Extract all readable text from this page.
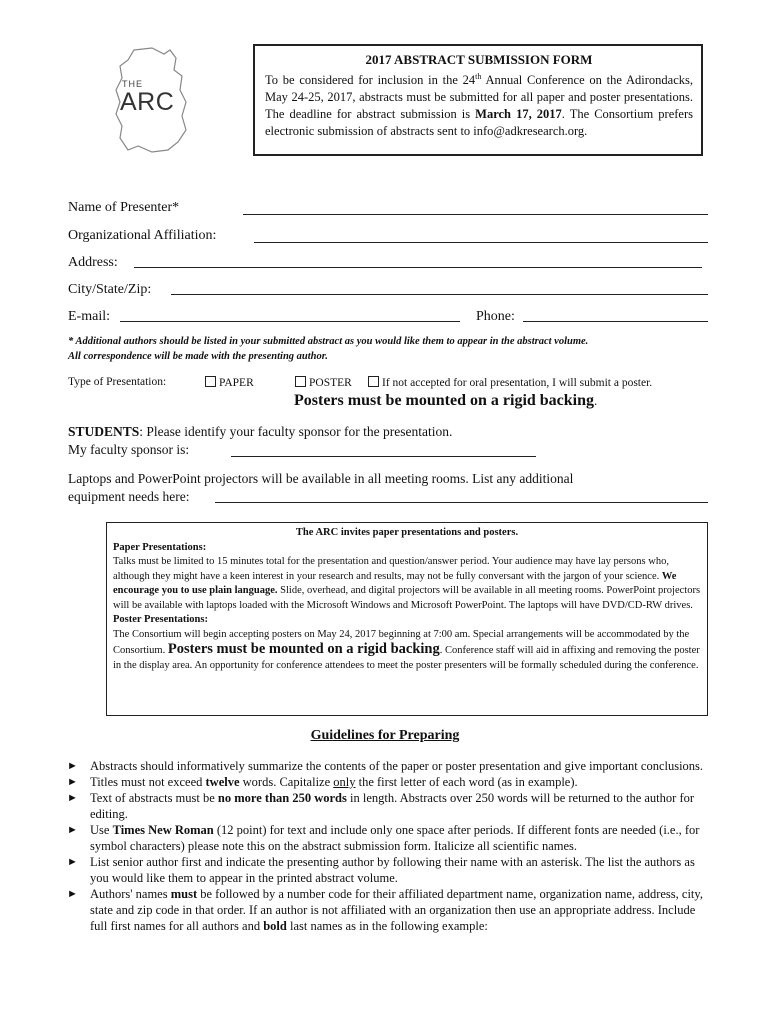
THE
ARC
2017 ABSTRACT SUBMISSION FORM
To be considered for inclusion in the 24th Annual Conference on the Adirondacks, May 24-25, 2017, abstracts must be submitted for all paper and poster presentations. The deadline for abstract submission is March 17, 2017. The Consortium prefers electronic submission of abstracts sent to info@adkresearch.org.
Name of Presenter*
Organizational Affiliation:
Address:
City/State/Zip:
E-mail:	Phone:
* Additional authors should be listed in your submitted abstract as you would like them to appear in the abstract volume.
All correspondence will be made with the presenting author.
Type of Presentation:	PAPER	POSTER	If not accepted for oral presentation, I will submit a poster.
Posters must be mounted on a rigid backing.
STUDENTS: Please identify your faculty sponsor for the presentation.
My faculty sponsor is:
Laptops and PowerPoint projectors will be available in all meeting rooms. List any additional
equipment needs here:
The ARC invites paper presentations and posters.
Paper Presentations:
Talks must be limited to 15 minutes total for the presentation and question/answer period. Your audience may have lay persons who, although they might have a keen interest in your research and results, may not be fully conversant with the jargon of your science. We encourage you to use plain language. Slide, overhead, and digital projectors will be available in all meeting rooms. PowerPoint projectors will be available with laptops loaded with the Microsoft Windows and Microsoft PowerPoint. The laptops will have DVD/CD-RW drives.
Poster Presentations:
The Consortium will begin accepting posters on May 24, 2017 beginning at 7:00 am. Special arrangements will be accommodated by the Consortium. Posters must be mounted on a rigid backing. Conference staff will aid in affixing and removing the poster in the display area. An opportunity for conference attendees to meet the poster presenters will be formally scheduled during the conference.
Guidelines for Preparing
► Abstracts should informatively summarize the contents of the paper or poster presentation and give important conclusions.
► Titles must not exceed twelve words. Capitalize only the first letter of each word (as in example).
► Text of abstracts must be no more than 250 words in length. Abstracts over 250 words will be returned to the author for editing.
► Use Times New Roman (12 point) for text and include only one space after periods. If different fonts are needed (i.e., for symbol characters) please note this on the abstract submission form. Italicize all scientific names.
► List senior author first and indicate the presenting author by following their name with an asterisk. The list the authors as you would like them to appear in the printed abstract volume.
► Authors' names must be followed by a number code for their affiliated department name, organization name, address, city, state and zip code in that order. If an author is not affiliated with an organization then use an appropriate address. Include full first names for all authors and bold last names as in the following example:
